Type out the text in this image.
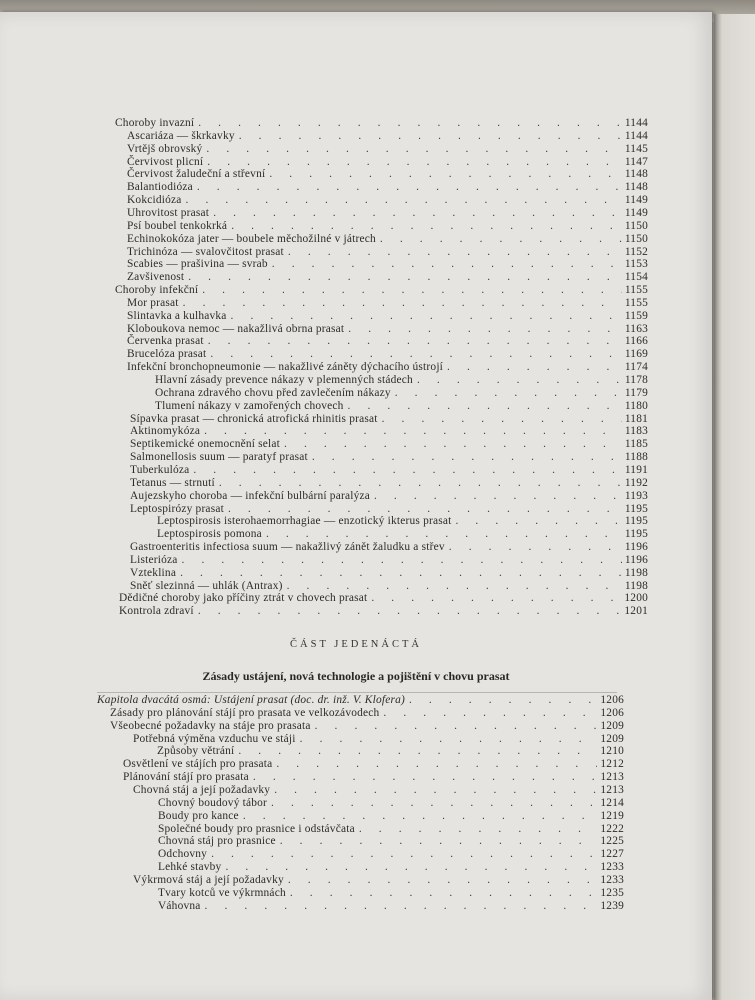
Choroby invazní .	1144
Ascariáza — škrkavky .	1144
Vrtějš obrovský .	1145
Červivost plicní .	1147
Červivost žaludeční a střevní .	1148
Balantiodióza .	1148
Kokcidióza .	1149
Uhrovitost prasat .	1149
Psí boubel tenkokrká .	1150
Echinokokóza jater — boubele měchožilné v játrech .	1150
Trichinóza — svalovčitost prasat .	1152
Scabies — prašivina — svrab .	1153
Zavšivenost .	1154
Choroby infekční .	1155
Mor prasat .	1155
Slintavka a kulhavka .	1159
Kloboukova nemoc — nakažlivá obrna prasat .	1163
Červenka prasat .	1166
Brucelóza prasat .	1169
Infekční bronchopneumonie — nakažlivé záněty dýchacího ústrojí .	1174
Hlavní zásady prevence nákazy v plemenných stádech .	1178
Ochrana zdravého chovu před zavlečením nákazy .	1179
Tlumení nákazy v zamořených chovech .	1180
Sípavka prasat — chronická atrofická rhinitis prasat .	1181
Aktinomykóza .	1183
Septikemické onemocnění selat .	1185
Salmonellosis suum — paratyf prasat .	1188
Tuberkulóza .	1191
Tetanus — strnutí .	1192
Aujezskyho choroba — infekční bulbární paralýza .	1193
Leptospirózy prasat .	1195
Leptospirosis isterohaemorrhagiae — enzotický ikterus prasat .	1195
Leptospirosis pomona .	1195
Gastroenteritis infectiosa suum — nakažlivý zánět žaludku a střev .	1196
Listerióza .	1196
Vzteklina .	1198
Sněť slezinná — uhlák (Antrax) .	1198
Dědičné choroby jako příčiny ztrát v chovech prasat .	1200
Kontrola zdraví .	1201
ČÁST JEDENÁCTÁ
Zásady ustájení, nová technologie a pojištění v chovu prasat
Kapitola dvacátá osmá: Ustájení prasat (doc. dr. inž. V. Klofera) .	1206
Zásady pro plánování stájí pro prasata ve velkozávodech .	1206
Všeobecné požadavky na stáje pro prasata .	1209
Potřebná výměna vzduchu ve stáji .	1209
Způsoby větrání .	1210
Osvětlení ve stájích pro prasata .	1212
Plánování stájí pro prasata .	1213
Chovná stáj a její požadavky .	1213
Chovný boudový tábor .	1214
Boudy pro kance .	1219
Společné boudy pro prasnice i odstávčata .	1222
Chovná stáj pro prasnice .	1225
Odchovny .	1227
Lehké stavby .	1233
Výkrmová stáj a její požadavky .	1233
Tvary kotců ve výkrmnách .	1235
Váhovna .	1239
